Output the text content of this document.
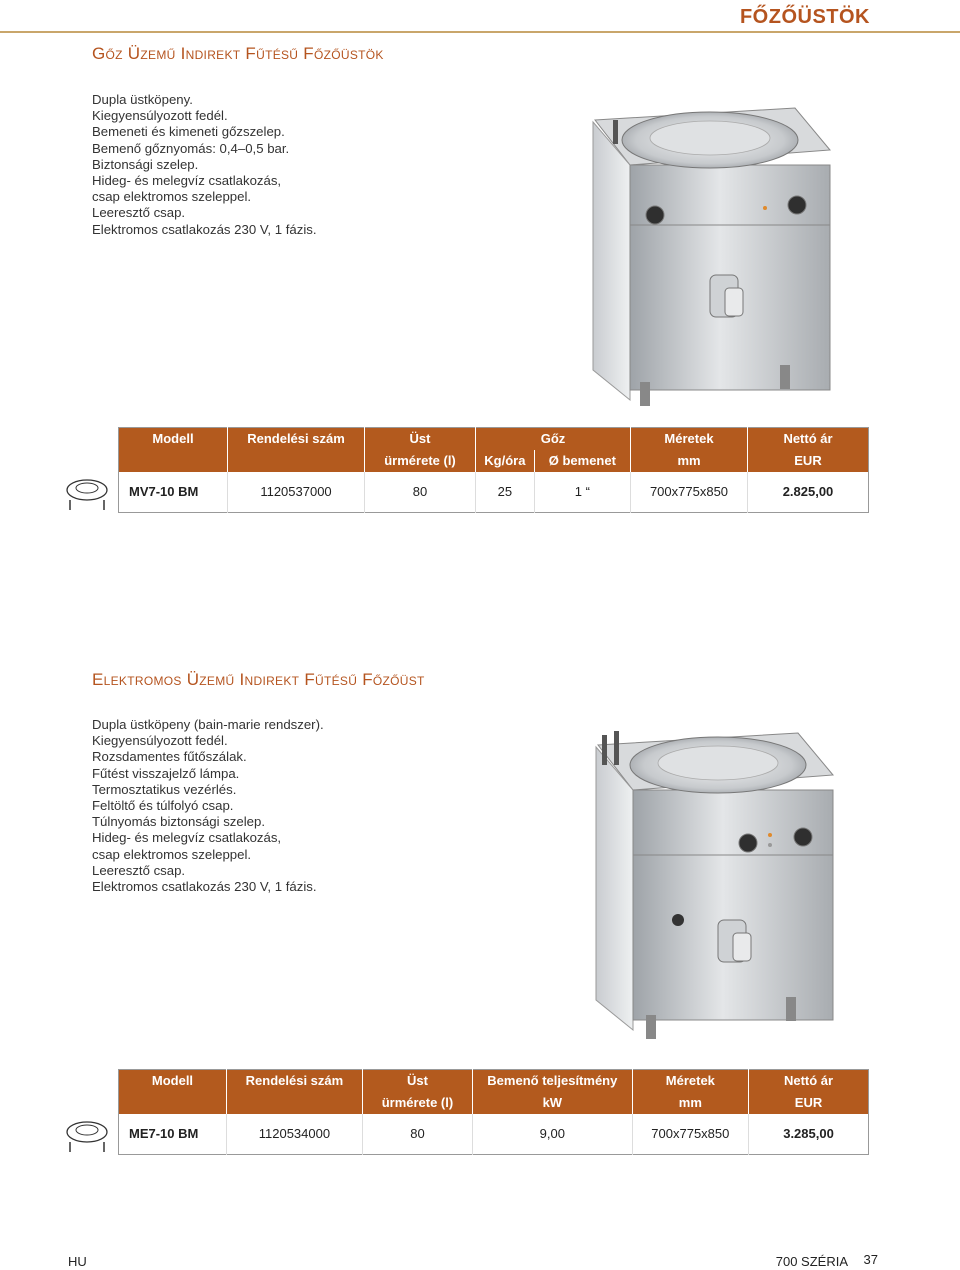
FŐZŐÜSTÖK
Gőz Üzemű Indirekt Fűtésű Főzőüstök
Dupla üstköpeny.
Kiegyensúlyozott fedél.
Bemeneti és kimeneti gőzszelep.
Bemenő gőznyomás: 0,4–0,5 bar.
Biztonsági szelep.
Hideg- és melegvíz csatlakozás,
csap elektromos szeleppel.
Leeresztő csap.
Elektromos csatlakozás 230 V, 1 fázis.
Modell	Rendelési szám	Üst	Gőz		Méretek	Nettó ár
		ürmérete (l)	Kg/óra	Ø bemenet	mm	EUR
MV7-10 BM	1120537000	80	25	1 “	700x775x850	2.825,00
Elektromos Üzemű Indirekt Fűtésű Főzőüst
Dupla üstköpeny (bain-marie rendszer).
Kiegyensúlyozott fedél.
Rozsdamentes fűtőszálak.
Fűtést visszajelző lámpa.
Termosztatikus vezérlés.
Feltöltő és túlfolyó csap.
Túlnyomás biztonsági szelep.
Hideg- és melegvíz csatlakozás,
csap elektromos szeleppel.
Leeresztő csap.
Elektromos csatlakozás 230 V, 1 fázis.
Modell	Rendelési szám	Üst	Bemenő teljesítmény	Méretek	Nettó ár
		ürmérete (l)	kW	mm	EUR
ME7-10 BM	1120534000	80	9,00	700x775x850	3.285,00
HU	700 SZÉRIA 37
